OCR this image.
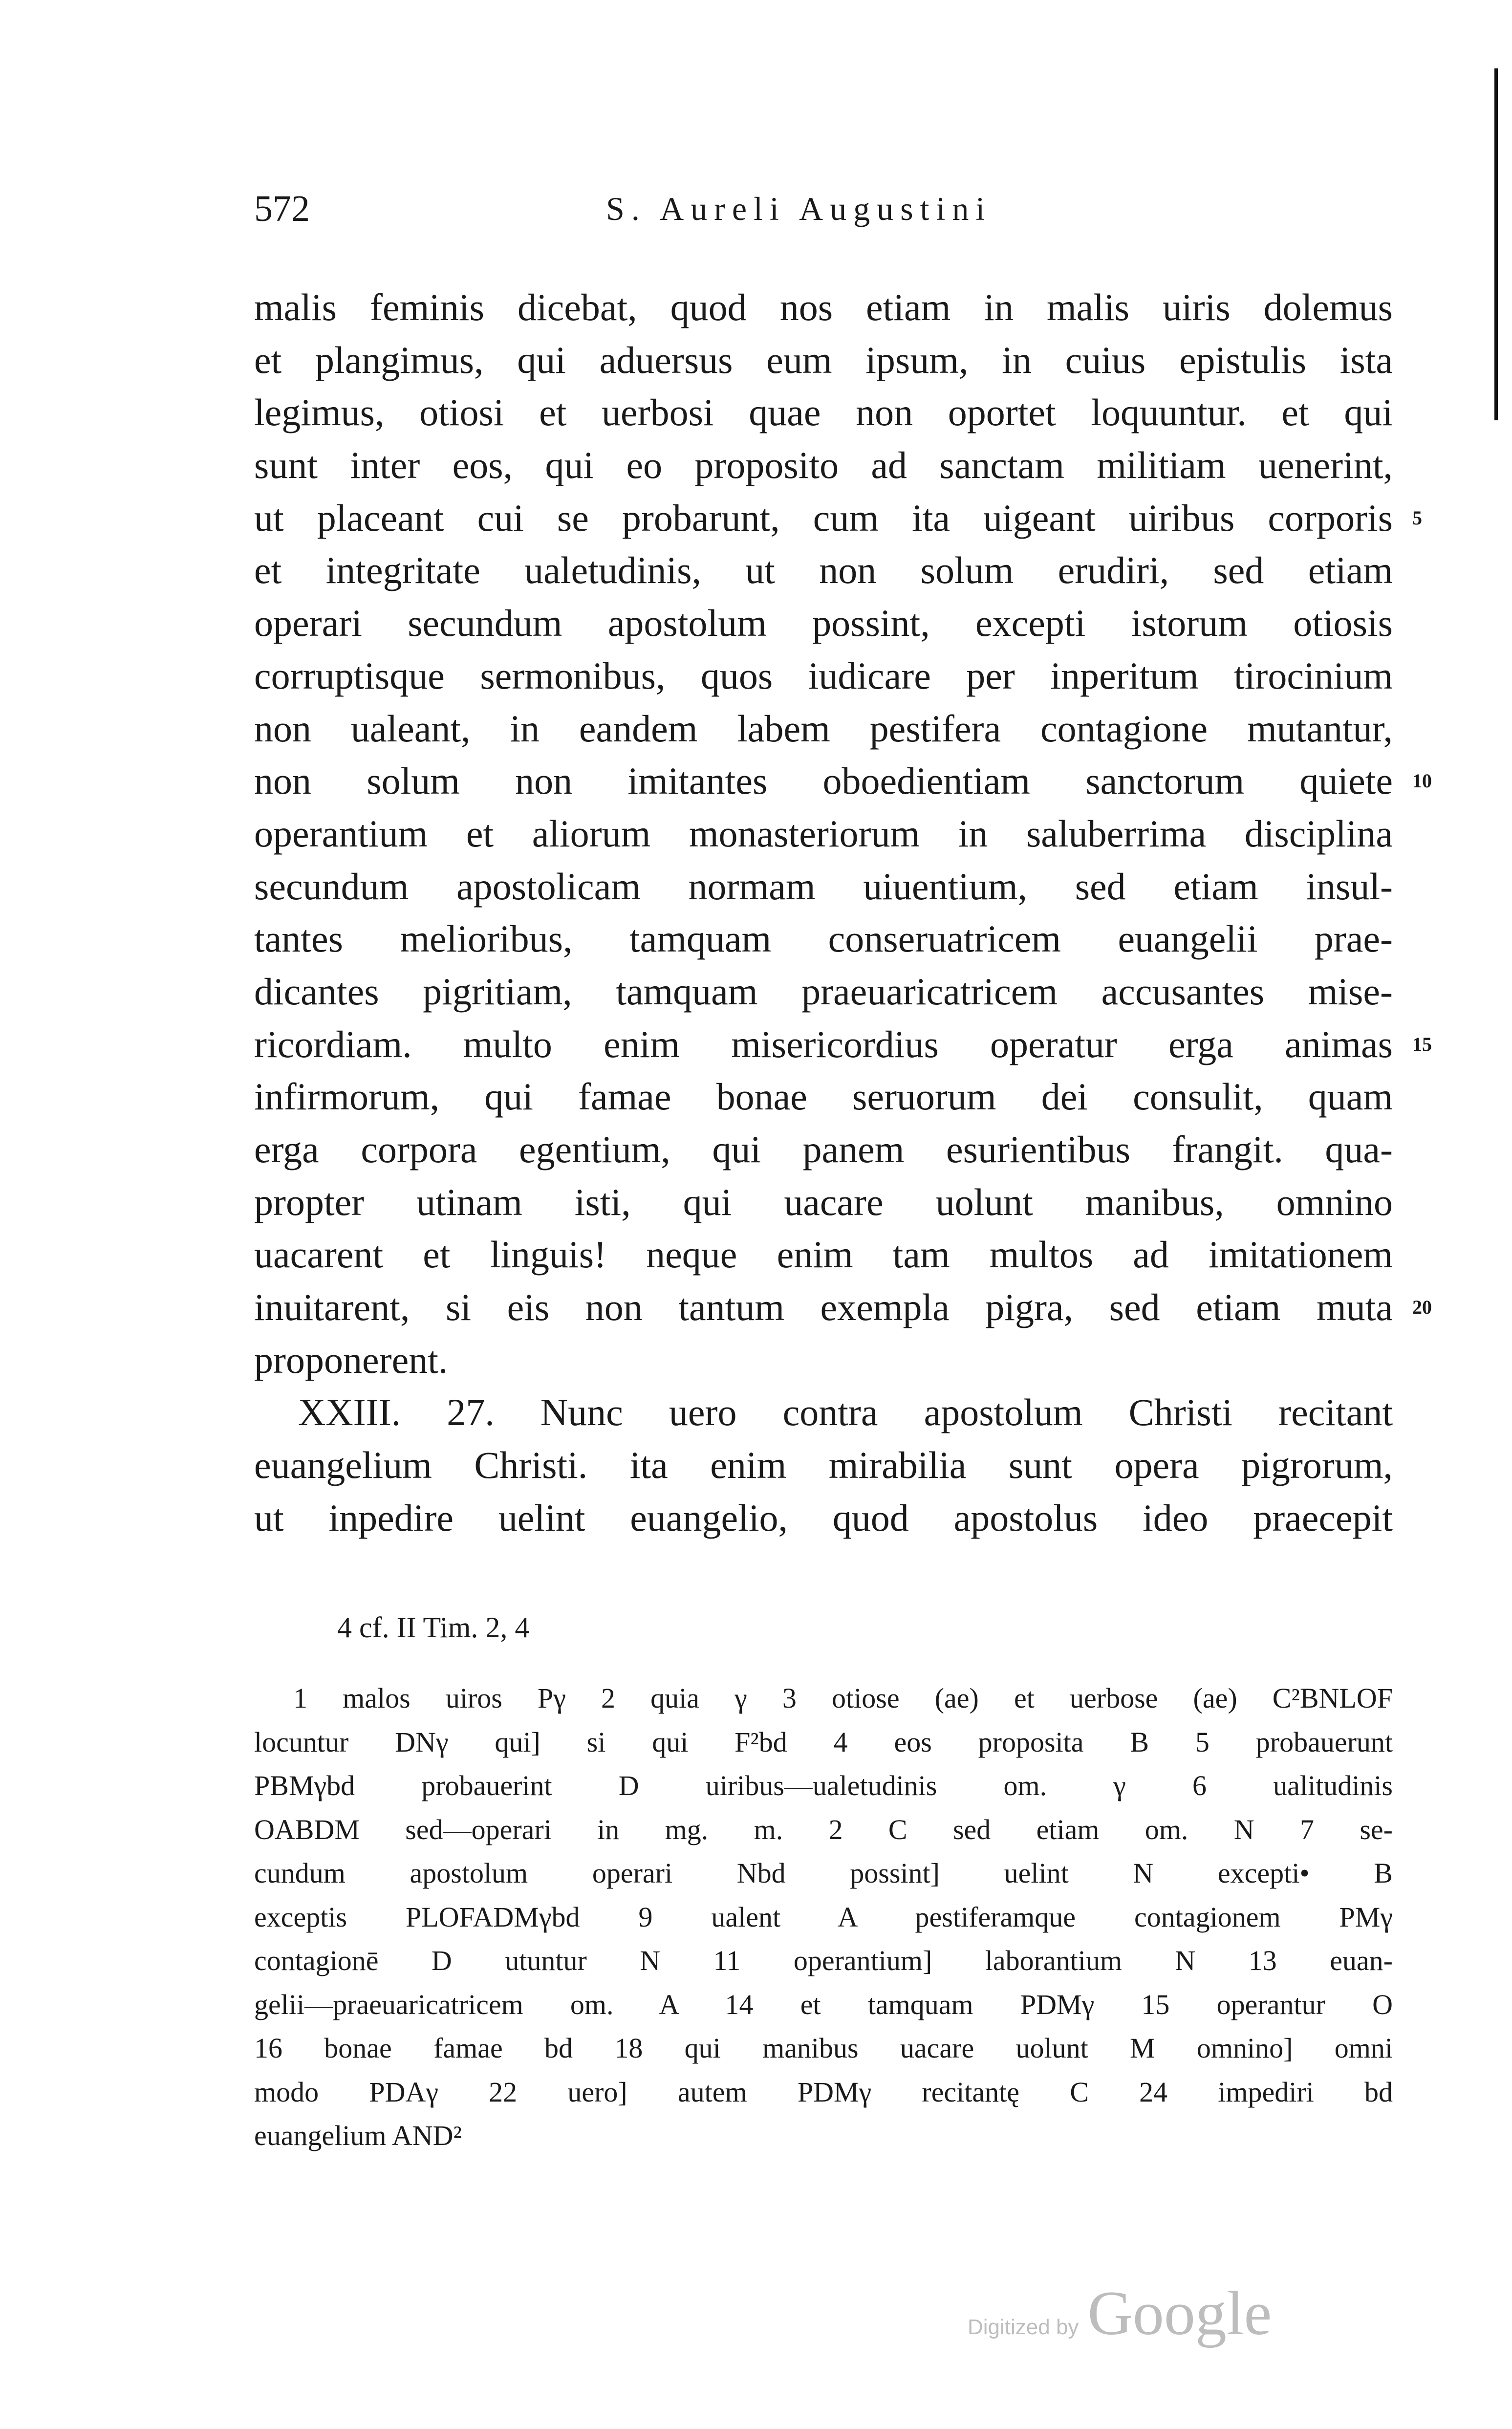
572	S. Aureli Augustini
malis feminis dicebat, quod nos etiam in malis uiris dolemus
et plangimus, qui aduersus eum ipsum, in cuius epistulis ista
legimus, otiosi et uerbosi quae non oportet loquuntur. et qui
sunt inter eos, qui eo proposito ad sanctam militiam uenerint,
ut placeant cui se probarunt, cum ita uigeant uiribus corporis 5
et integritate ualetudinis, ut non solum erudiri, sed etiam
operari secundum apostolum possint, excepti istorum otiosis
corruptisque sermonibus, quos iudicare per inperitum tirocinium
non ualeant, in eandem labem pestifera contagione mutantur,
non solum non imitantes oboedientiam sanctorum quiete 10
operantium et aliorum monasteriorum in saluberrima disciplina
secundum apostolicam normam uiuentium, sed etiam insul-
tantes melioribus, tamquam conseruatricem euangelii prae-
dicantes pigritiam, tamquam praeuaricatricem accusantes mise-
ricordiam. multo enim misericordius operatur erga animas 15
infirmorum, qui famae bonae seruorum dei consulit, quam
erga corpora egentium, qui panem esurientibus frangit. qua-
propter utinam isti, qui uacare uolunt manibus, omnino
uacarent et linguis! neque enim tam multos ad imitationem
inuitarent, si eis non tantum exempla pigra, sed etiam muta 20
proponerent.
XXIII. 27. Nunc uero contra apostolum Christi recitant
euangelium Christi. ita enim mirabilia sunt opera pigrorum,
ut inpedire uelint euangelio, quod apostolus ideo praecepit
4 cf. II Tim. 2, 4
1 malos uiros Pγ 2 quia γ 3 otiose (ae) et uerbose (ae) C²BNLOF
locuntur DNγ qui] si qui F²bd 4 eos proposita B 5 probauerunt
PBMγbd probauerint D uiribus—ualetudinis om. γ 6 ualitudinis
OABDM sed—operari in mg. m. 2 C sed etiam om. N 7 se-
cundum apostolum operari Nbd possint] uelint N excepti• B
exceptis PLOFADMγbd 9 ualent A pestiferamque contagionem PMγ
contagionē D utuntur N 11 operantium] laborantium N 13 euan-
gelii—praeuaricatricem om. A 14 et tamquam PDMγ 15 operantur O
16 bonae famae bd 18 qui manibus uacare uolunt M omnino] omni
modo PDAγ 22 uero] autem PDMγ recitantę C 24 impediri bd
euangelium AND²
Digitized by Google
